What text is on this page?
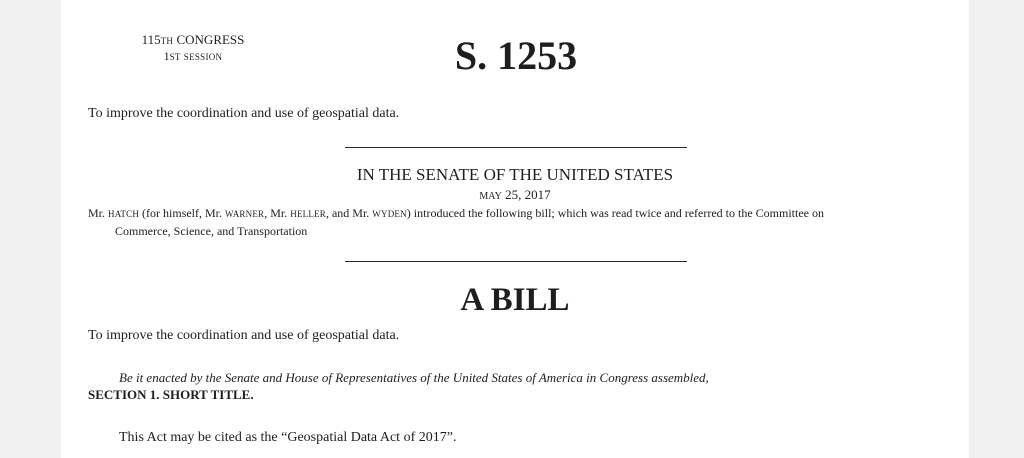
115TH CONGRESS
1ST SESSION	S. 1253
To improve the coordination and use of geospatial data.
IN THE SENATE OF THE UNITED STATES
MAY 25, 2017
Mr. HATCH (for himself, Mr. WARNER, Mr. HELLER, and Mr. WYDEN) introduced the following bill; which was read twice and referred to the Committee on
Commerce, Science, and Transportation
A BILL
To improve the coordination and use of geospatial data.
Be it enacted by the Senate and House of Representatives of the United States of America in Congress assembled,
SECTION 1. SHORT TITLE.
This Act may be cited as the “Geospatial Data Act of 2017”.
